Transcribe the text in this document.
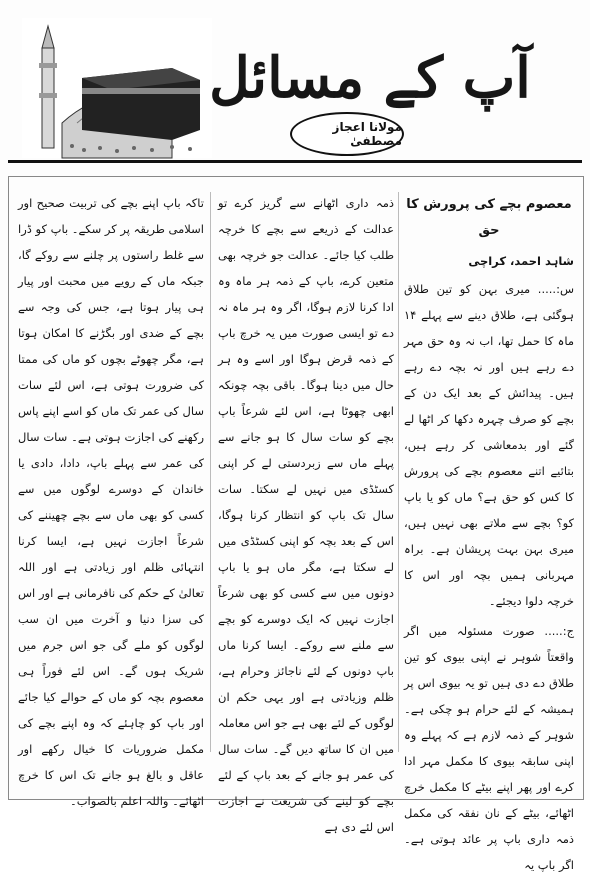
آپ کے مسائل
مولانا اعجاز مصطفیٰ
معصوم بچے کی پرورش کا حق
شاہد احمد، کراچی

س:..... میری بہن کو تین طلاق ہوگئی ہے، طلاق دینے سے پہلے ۱۴ ماہ کا حمل تھا، اب نہ وہ حق مہر دے رہے ہیں اور نہ بچہ دے رہے ہیں۔ پیدائش کے بعد ایک دن کے بچے کو صرف چہرہ دکھا کر اٹھا لے گئے اور بدمعاشی کر رہے ہیں، بتائیے اتنے معصوم بچے کی پرورش کا کس کو حق ہے؟ ماں کو یا باپ کو؟ بچے سے ملاتے بھی نہیں ہیں، میری بہن بہت پریشان ہے۔ براہ مہربانی ہمیں بچہ اور اس کا خرچہ دلوا دیجئے۔

ج:..... صورت مسئولہ میں اگر واقعتاً شوہر نے اپنی بیوی کو تین طلاق دے دی ہیں تو یہ بیوی اس پر ہمیشہ کے لئے حرام ہو چکی ہے۔ شوہر کے ذمہ لازم ہے کہ پہلے وہ اپنی سابقہ بیوی کا مکمل مہر ادا کرے اور پھر اپنے بیٹے کا مکمل خرچ اٹھائے، بیٹے کے نان نفقہ کی مکمل ذمہ داری باپ پر عائد ہوتی ہے۔ اگر باپ یہ

ذمہ داری اٹھانے سے گریز کرے تو عدالت کے ذریعے سے بچے کا خرچہ طلب کیا جائے۔ عدالت جو خرچہ بھی متعین کرے، باپ کے ذمہ ہر ماہ وہ ادا کرنا لازم ہوگا، اگر وہ ہر ماہ نہ دے تو ایسی صورت میں یہ خرچ باپ کے ذمہ قرض ہوگا اور اسے وہ ہر حال میں دینا ہوگا۔ باقی بچہ چونکہ ابھی چھوٹا ہے، اس لئے شرعاً باپ بچے کو سات سال کا ہو جانے سے پہلے ماں سے زبردستی لے کر اپنی کسٹڈی میں نہیں لے سکتا۔ سات سال تک باپ کو انتظار کرنا ہوگا، اس کے بعد بچہ کو اپنی کسٹڈی میں لے سکتا ہے، مگر ماں ہو یا باپ دونوں میں سے کسی کو بھی شرعاً اجازت نہیں کہ ایک دوسرے کو بچے سے ملنے سے روکے۔ ایسا کرنا ماں باپ دونوں کے لئے ناجائز وحرام ہے، ظلم وزیادتی ہے اور یہی حکم ان لوگوں کے لئے بھی ہے جو اس معاملہ میں ان کا ساتھ دیں گے۔ سات سال کی عمر ہو جانے کے بعد باپ کے لئے بچے کو لینے کی شریعت نے اجازت اس لئے دی ہے

تاکہ باپ اپنے بچے کی تربیت صحیح اور اسلامی طریقہ پر کر سکے۔ باپ کو ڈرا سے غلط راستوں پر چلنے سے روکے گا، جبکہ ماں کے رویے میں محبت اور پیار ہی پیار ہوتا ہے، جس کی وجہ سے بچے کے ضدی اور بگڑنے کا امکان ہوتا ہے، مگر چھوٹے بچوں کو ماں کی ممتا کی ضرورت ہوتی ہے، اس لئے سات سال کی عمر تک ماں کو اسے اپنے پاس رکھنے کی اجازت ہوتی ہے۔ سات سال کی عمر سے پہلے باپ، دادا، دادی یا خاندان کے دوسرے لوگوں میں سے کسی کو بھی ماں سے بچے چھیننے کی شرعاً اجازت نہیں ہے، ایسا کرنا انتہائی ظلم اور زیادتی ہے اور اللہ تعالیٰ کے حکم کی نافرمانی ہے اور اس کی سزا دنیا و آخرت میں ان سب لوگوں کو ملے گی جو اس جرم میں شریک ہوں گے۔ اس لئے فوراً ہی معصوم بچہ کو ماں کے حوالے کیا جائے اور باپ کو چاہئے کہ وہ اپنے بچے کی مکمل ضروریات کا خیال رکھے اور عاقل و بالغ ہو جانے تک اس کا خرچ اٹھائے۔ واللہ اعلم بالصواب۔
